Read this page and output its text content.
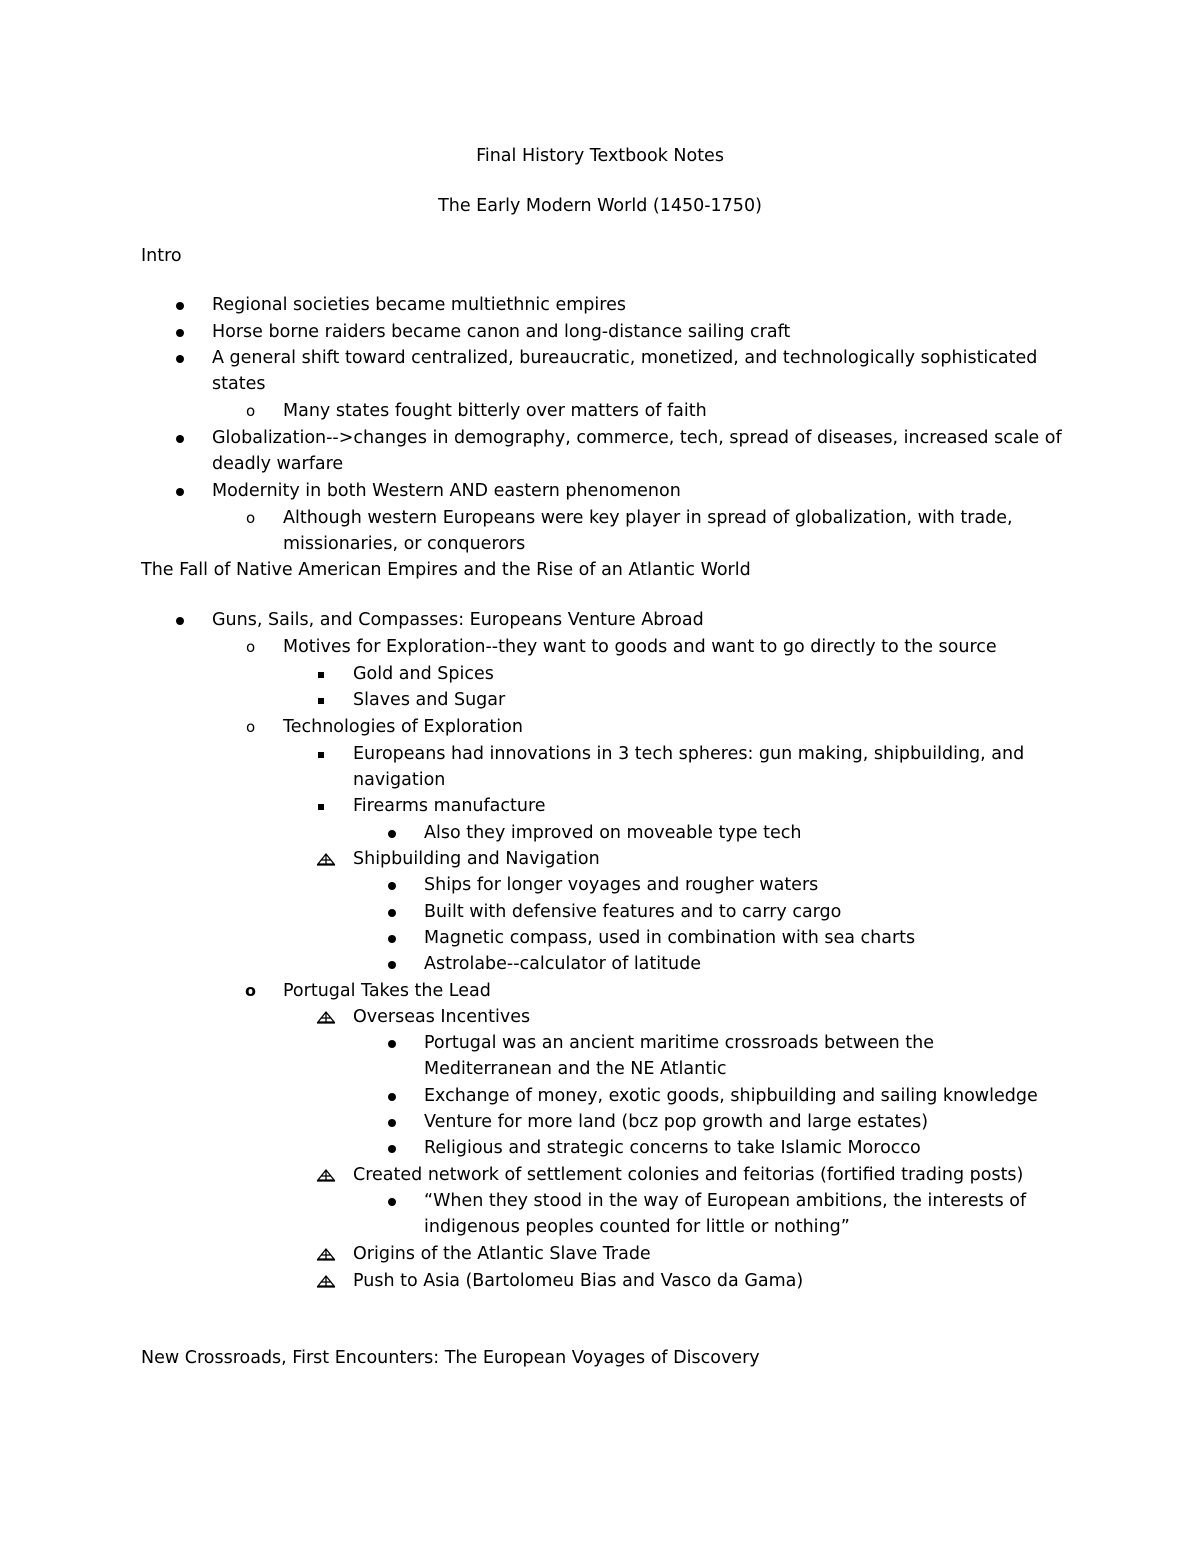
Final History Textbook Notes
The Early Modern World (1450-1750)
Intro
Regional societies became multiethnic empires
Horse borne raiders became canon and long-distance sailing craft
A general shift toward centralized, bureaucratic, monetized, and technologically sophisticated
states
Many states fought bitterly over matters of faith
Globalization-->changes in demography, commerce, tech, spread of diseases, increased scale of
deadly warfare
Modernity in both Western AND eastern phenomenon
Although western Europeans were key player in spread of globalization, with trade,
missionaries, or conquerors
The Fall of Native American Empires and the Rise of an Atlantic World
Guns, Sails, and Compasses: Europeans Venture Abroad
Motives for Exploration--they want to goods and want to go directly to the source
Gold and Spices
Slaves and Sugar
Technologies of Exploration
Europeans had innovations in 3 tech spheres: gun making, shipbuilding, and
navigation
Firearms manufacture
Also they improved on moveable type tech
Shipbuilding and Navigation
Ships for longer voyages and rougher waters
Built with defensive features and to carry cargo
Magnetic compass, used in combination with sea charts
Astrolabe--calculator of latitude
Portugal Takes the Lead
Overseas Incentives
Portugal was an ancient maritime crossroads between the
Mediterranean and the NE Atlantic
Exchange of money, exotic goods, shipbuilding and sailing knowledge
Venture for more land (bcz pop growth and large estates)
Religious and strategic concerns to take Islamic Morocco
Created network of settlement colonies and feitorias (fortified trading posts)
“When they stood in the way of European ambitions, the interests of
indigenous peoples counted for little or nothing”
Origins of the Atlantic Slave Trade
Push to Asia (Bartolomeu Bias and Vasco da Gama)
New Crossroads, First Encounters: The European Voyages of Discovery
